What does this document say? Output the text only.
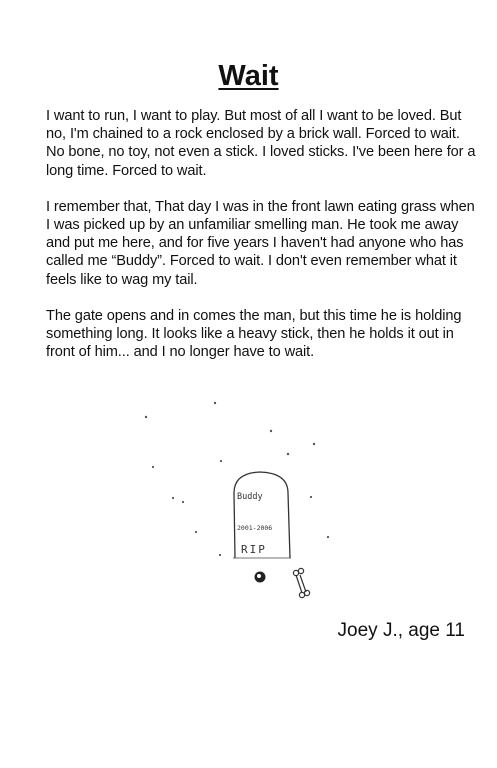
Wait

I want to run, I want to play. But most of all I want to be loved. But no, I'm chained to a rock enclosed by a brick wall. Forced to wait. No bone, no toy, not even a stick. I loved sticks. I've been here for a long time. Forced to wait.

I remember that, That day I was in the front lawn eating grass when I was picked up by an unfamiliar smelling man. He took me away and put me here, and for five years I haven't had anyone who has called me “Buddy”. Forced to wait. I don't even remember what it feels like to wag my tail.

The gate opens and in comes the man, but this time he is holding something long. It looks like a heavy stick, then he holds it out in front of him... and I no longer have to wait.

Buddy
2001-2006
RIP
Joey J., age 11
